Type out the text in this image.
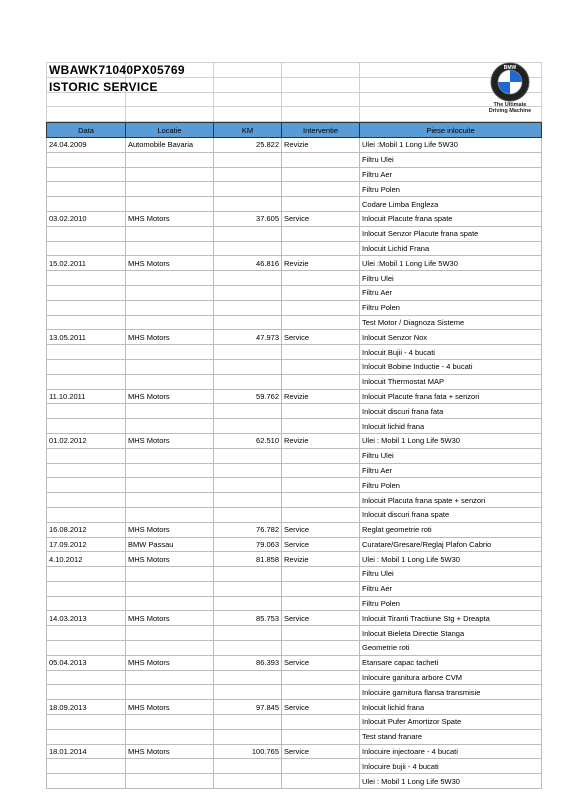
Data	Locatie	KM	Interventie	Piese inlocuite
24.04.2009	Automobile Bavaria	25.822	Revizie	Ulei :Mobil 1 Long Life 5W30
				Filtru Ulei
				Filtru Aer
				Filtru Polen
				Codare Limba Engleza
03.02.2010	MHS Motors	37.605	Service	Inlocuit Placute frana spate
				Inlocuit Senzor Placute frana spate
				Inlocuit Lichid Frana
15.02.2011	MHS Motors	46.816	Revizie	Ulei :Mobil 1 Long Life 5W30
				Filtru Ulei
				Filtru Aer
				Filtru Polen
				Test Motor / Diagnoza Sisteme
13.05.2011	MHS Motors	47.973	Service	Inlocuit Senzor Nox
				Inlocuit Bujii - 4 bucati
				Inlocuit Bobine Inductie - 4 bucati
				Inlocuit Thermostat MAP
11.10.2011	MHS Motors	59.762	Revizie	Inlocuit Placute frana fata + senzori
				Inlocuit discuri frana fata
				Inlocuit lichid frana
01.02.2012	MHS Motors	62.510	Revizie	Ulei : Mobil 1 Long Life 5W30
				Filtru Ulei
				Filtru Aer
				Filtru Polen
				Inlocuit Placuta frana spate + senzori
				Inlocuit discuri frana spate
16.08.2012	MHS Motors	76.782	Service	Reglat geometrie roti
17.09.2012	BMW Passau	79.063	Service	Curatare/Gresare/Reglaj Plafon Cabrio
4.10.2012	MHS Motors	81.858	Revizie	Ulei : Mobil 1 Long Life 5W30
				Filtru Ulei
				Filtru Aer
				Filtru Polen
14.03.2013	MHS Motors	85.753	Service	Inlocuit Tiranti Tractiune Stg + Dreapta
				Inlocuit Bieleta Directie Stanga
				Geometrie roti
05.04.2013	MHS Motors	86.393	Service	Etansare capac tacheti
				Inlocuire ganitura arbore CVM
				Inlocuire garnitura flansa transmisie
18.09.2013	MHS Motors	97.845	Service	Inlocuit lichid frana
				Inlocuit Pufer Amortizor Spate
				Test stand franare
18.01.2014	MHS Motors	100.765	Service	Inlocuire injectoare - 4 bucati
				Inlocuire bujii - 4 bucati
				Ulei : Mobil 1 Long Life 5W30
WBAWK71040PX05769
ISTORIC SERVICE
BMW
The Ultimate
Driving Machine
